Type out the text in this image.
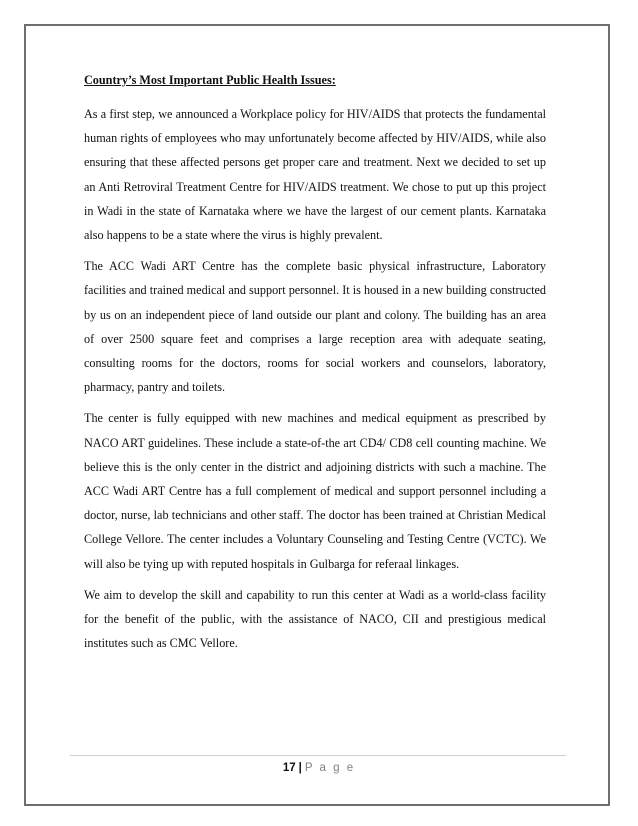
Country’s Most Important Public Health Issues:

As a first step, we announced a Workplace policy for HIV/AIDS that protects the fundamental human rights of employees who may unfortunately become affected by HIV/AIDS, while also ensuring that these affected persons get proper care and treatment. Next we decided to set up an Anti Retroviral Treatment Centre for HIV/AIDS treatment. We chose to put up this project in Wadi in the state of Karnataka where we have the largest of our cement plants. Karnataka also happens to be a state where the virus is highly prevalent.

The ACC Wadi ART Centre has the complete basic physical infrastructure, Laboratory facilities and trained medical and support personnel. It is housed in a new building constructed by us on an independent piece of land outside our plant and colony. The building has an area of over 2500 square feet and comprises a large reception area with adequate seating, consulting rooms for the doctors, rooms for social workers and counselors, laboratory, pharmacy, pantry and toilets.

The center is fully equipped with new machines and medical equipment as prescribed by NACO ART guidelines. These include a state-of-the art CD4/ CD8 cell counting machine. We believe this is the only center in the district and adjoining districts with such a machine. The ACC Wadi ART Centre has a full complement of medical and support personnel including a doctor, nurse, lab technicians and other staff. The doctor has been trained at Christian Medical College Vellore. The center includes a Voluntary Counseling and Testing Centre (VCTC). We will also be tying up with reputed hospitals in Gulbarga for referaal linkages.

We aim to develop the skill and capability to run this center at Wadi as a world-class facility for the benefit of the public, with the assistance of NACO, CII and prestigious medical institutes such as CMC Vellore.

17 | P a g e
